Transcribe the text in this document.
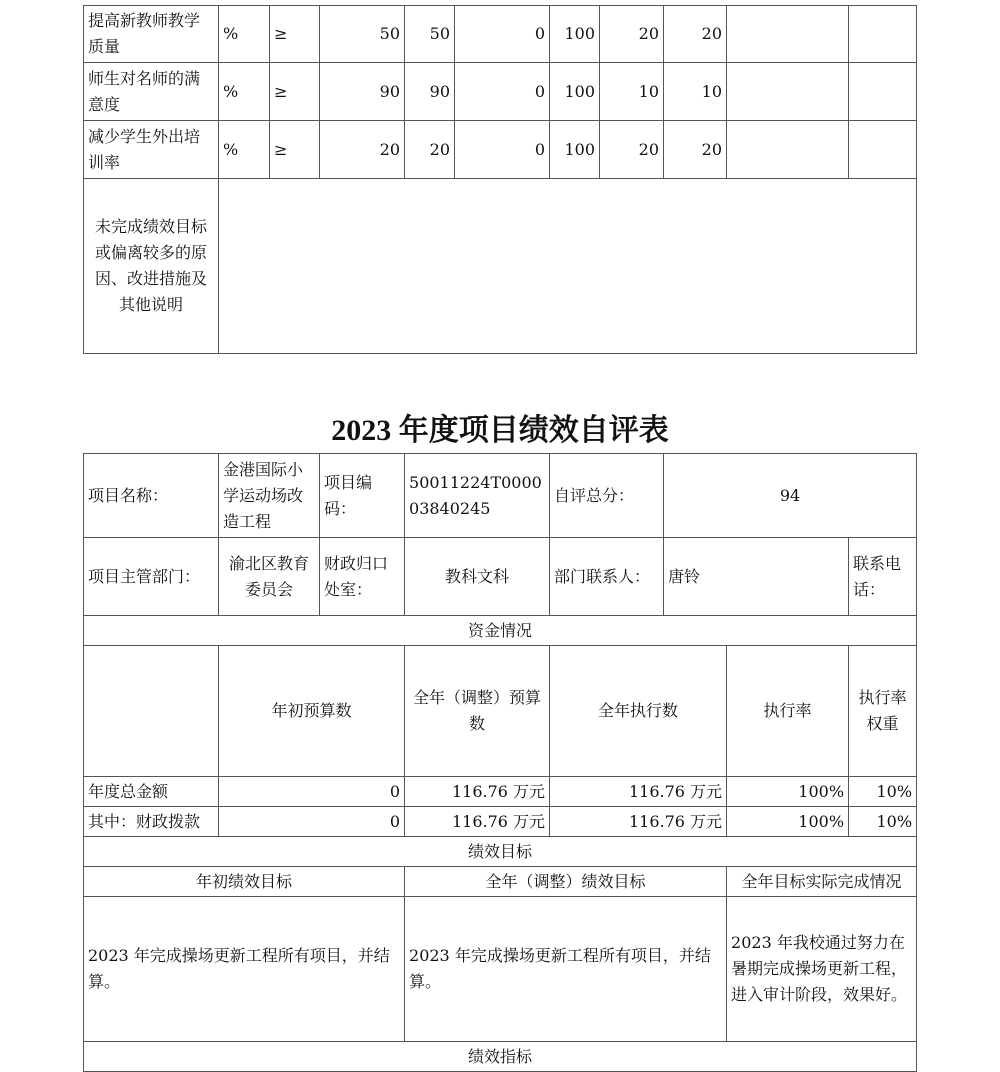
提高新教师教学质量	%	≥	50	50	0	100	20	20		
师生对名师的满意度	%	≥	90	90	0	100	10	10		
减少学生外出培训率	%	≥	20	20	0	100	20	20		
未完成绩效目标或偏离较多的原因、改进措施及其他说明										
2023 年度项目绩效自评表
项目名称：	金港国际小学运动场改造工程	项目编码：	50011224T000003840245	自评总分：	94			
项目主管部门：	渝北区教育委员会	财政归口处室：	教科文科	部门联系人：	唐铃		联系电话：	
资金情况								
	年初预算数		全年（调整）预算数	全年执行数		执行率	执行率权重	
年度总金额	0		116.76 万元	116.76 万元		100%	10%	
其中：财政拨款	0		116.76 万元	116.76 万元		100%	10%	
绩效目标								
年初绩效目标			全年（调整）绩效目标			全年目标实际完成情况		
2023 年完成操场更新工程所有项目，并结算。			2023 年完成操场更新工程所有项目，并结算。			2023 年我校通过努力在暑期完成操场更新工程，进入审计阶段，效果好。		
绩效指标								
